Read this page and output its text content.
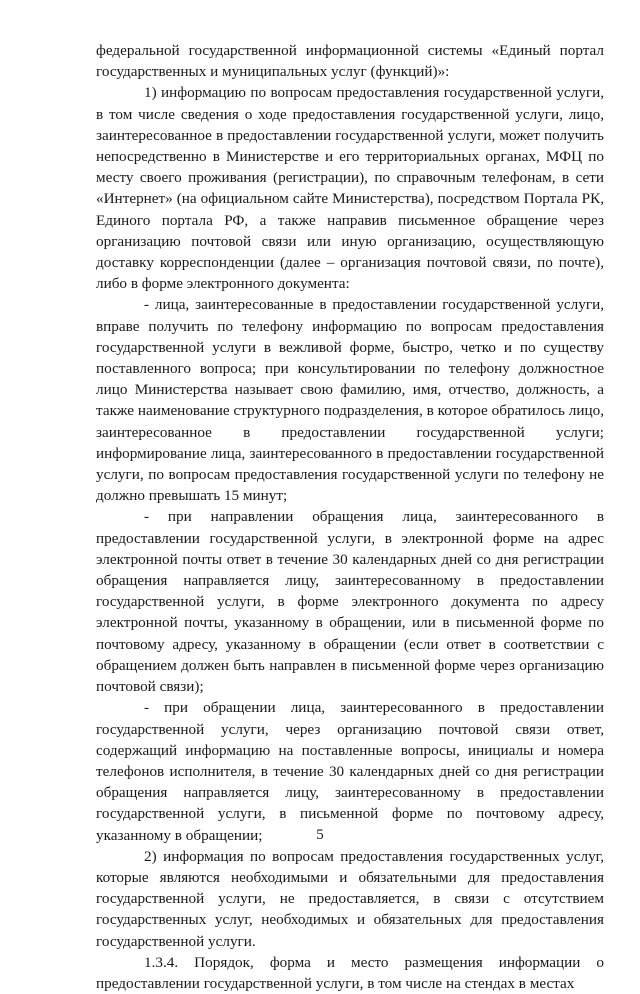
федеральной государственной информационной системы «Единый портал государственных и муниципальных услуг (функций)»:

1) информацию по вопросам предоставления государственной услуги, в том числе сведения о ходе предоставления государственной услуги, лицо, заинтересованное в предоставлении государственной услуги, может получить непосредственно в Министерстве и его территориальных органах, МФЦ по месту своего проживания (регистрации), по справочным телефонам, в сети «Интернет» (на официальном сайте Министерства), посредством Портала РК, Единого портала РФ, а также направив письменное обращение через организацию почтовой связи или иную организацию, осуществляющую доставку корреспонденции (далее – организация почтовой связи, по почте), либо в форме электронного документа:

- лица, заинтересованные в предоставлении государственной услуги, вправе получить по телефону информацию по вопросам предоставления государственной услуги в вежливой форме, быстро, четко и по существу поставленного вопроса; при консультировании по телефону должностное лицо Министерства называет свою фамилию, имя, отчество, должность, а также наименование структурного подразделения, в которое обратилось лицо, заинтересованное в предоставлении государственной услуги; информирование лица, заинтересованного в предоставлении государственной услуги, по вопросам предоставления государственной услуги по телефону не должно превышать 15 минут;

- при направлении обращения лица, заинтересованного в предоставлении государственной услуги, в электронной форме на адрес электронной почты ответ в течение 30 календарных дней со дня регистрации обращения направляется лицу, заинтересованному в предоставлении государственной услуги, в форме электронного документа по адресу электронной почты, указанному в обращении, или в письменной форме по почтовому адресу, указанному в обращении (если ответ в соответствии с обращением должен быть направлен в письменной форме через организацию почтовой связи);

- при обращении лица, заинтересованного в предоставлении государственной услуги, через организацию почтовой связи ответ, содержащий информацию на поставленные вопросы, инициалы и номера телефонов исполнителя, в течение 30 календарных дней со дня регистрации обращения направляется лицу, заинтересованному в предоставлении государственной услуги, в письменной форме по почтовому адресу, указанному в обращении;

2) информация по вопросам предоставления государственных услуг, которые являются необходимыми и обязательными для предоставления государственной услуги, не предоставляется, в связи с отсутствием государственных услуг, необходимых и обязательных для предоставления государственной услуги.

1.3.4. Порядок, форма и место размещения информации о предоставлении государственной услуги, в том числе на стендах в местах

5
